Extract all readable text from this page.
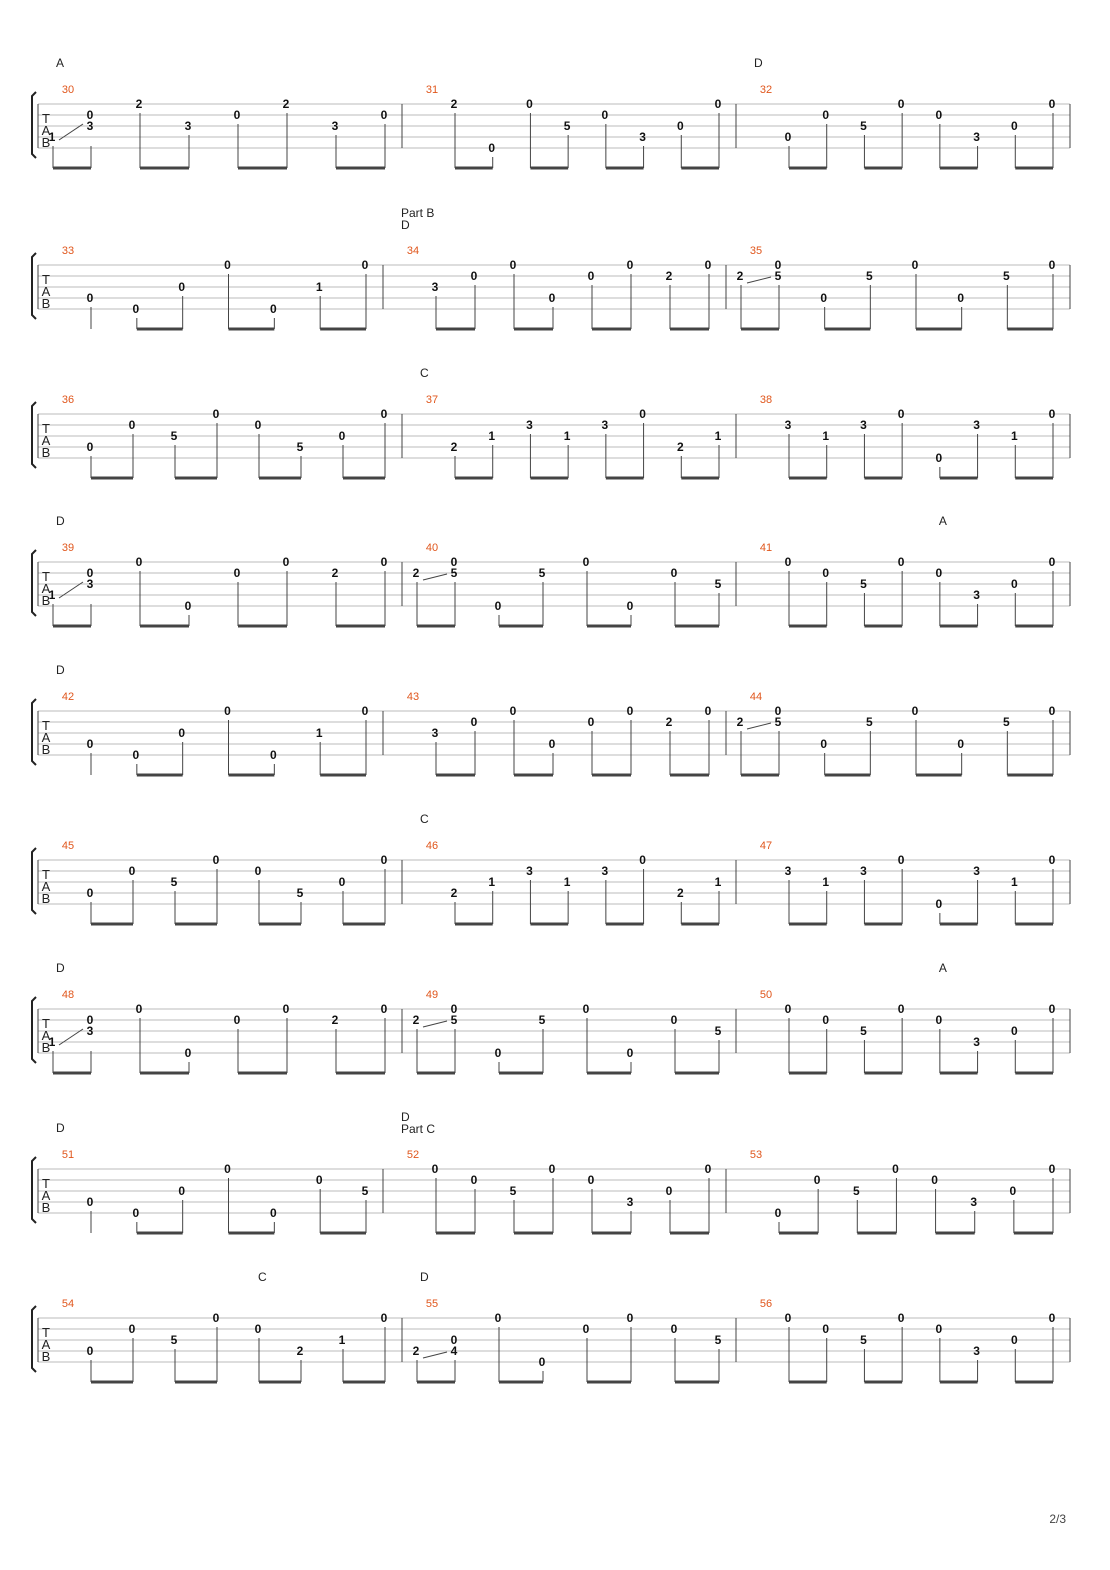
T
A
B
30
1
3
0
2
3
0
2
3
0
31
2
0
0
5
0
3
0
0
32
0
0
5
0
0
3
0
0
A	D
T
A
B
33
0
0
0
0
0
1
0
34
3
0
0
0
0
0
2
0
35
2
0
5
0
5
0
0
5
0
Part B
D
T
A
B
36
0
0
5
0
0
5
0
0
37
2
1
3
1
3
0
2
1
38
3
1
3
0
0
3
1
0
C
T
A
B
39
1
3
0
0
0
0
0
2
0
40
2
0
5
0
5
0
0
0
5
41
0
0
5
0
0
3
0
0
D	A
T
A
B
42
0
0
0
0
0
1
0
43
3
0
0
0
0
0
2
0
44
2
0
5
0
5
0
0
5
0
D
T
A
B
45
0
0
5
0
0
5
0
0
46
2
1
3
1
3
0
2
1
47
3
1
3
0
0
3
1
0
C
T
A
B
48
1
3
0
0
0
0
0
2
0
49
2
0
5
0
5
0
0
0
5
50
0
0
5
0
0
3
0
0
D	A
T
A
B
51
0
0
0
0
0
0
5
52
0
0
5
0
0
3
0
0
53
0
0
5
0
0
3
0
0
D
D
Part C
T
A
B
54
0
0
5
0
0
2
1
0
55
2
0
4
0
0
0
0
0
5
56
0
0
5
0
0
3
0
0
C	D
2/3
